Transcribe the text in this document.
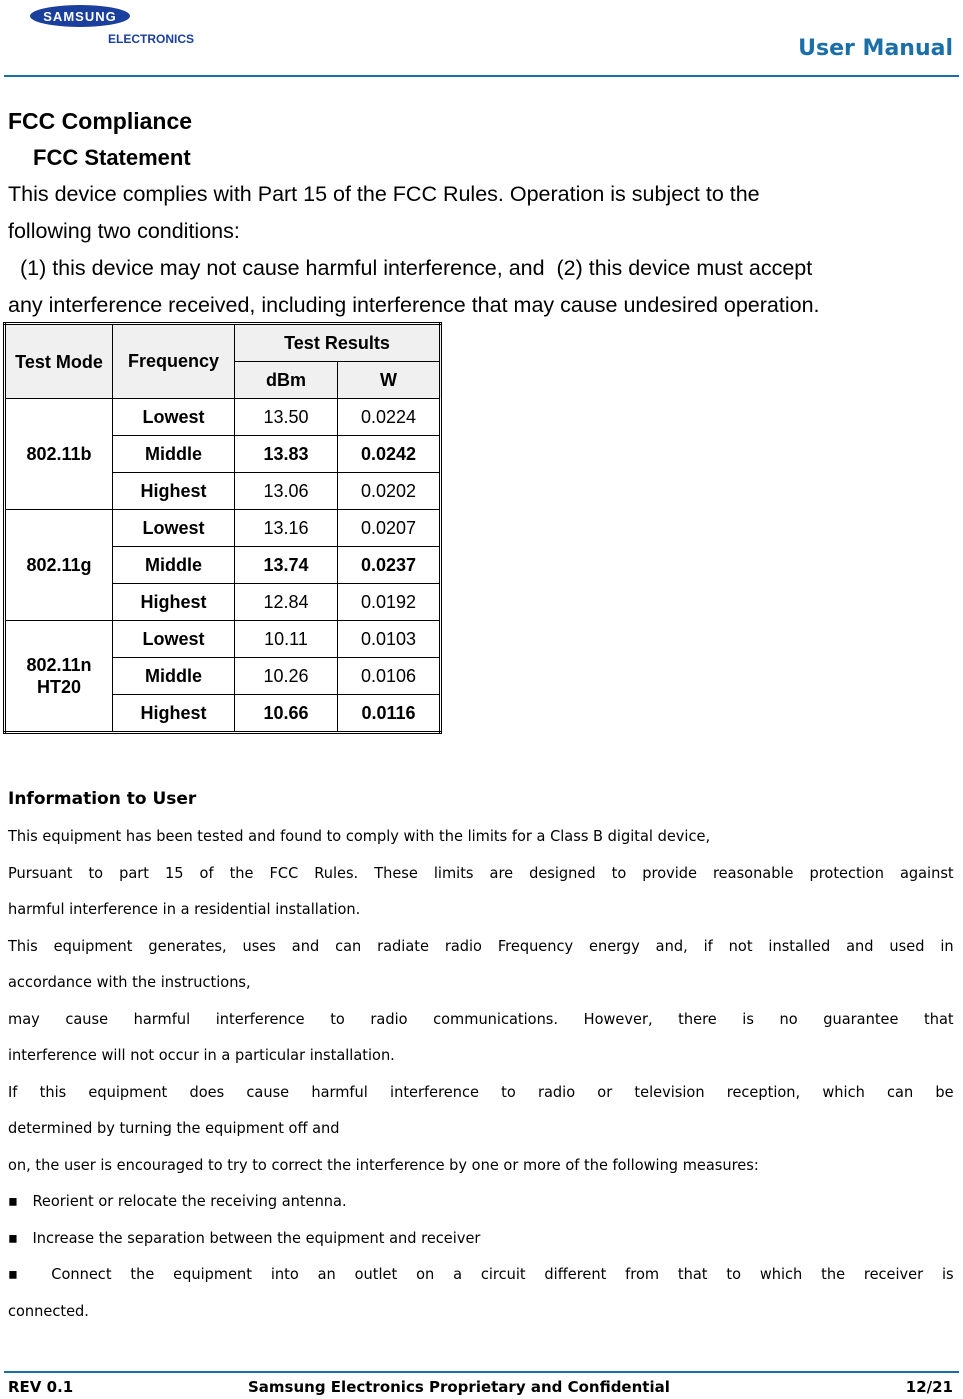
SAMSUNG
ELECTRONICS	User Manual
FCC Compliance
FCC Statement

This device complies with Part 15 of the FCC Rules. Operation is subject to the

following two conditions:

(1) this device may not cause harmful interference, and  (2) this device must accept

any interference received, including interference that may cause undesired operation.

Test Mode	Frequency	Test Results	
		dBm	W
802.11b	Lowest	13.50	0.0224
	Middle	13.83	0.0242
	Highest	13.06	0.0202
802.11g	Lowest	13.16	0.0207
	Middle	13.74	0.0237
	Highest	12.84	0.0192
802.11n HT20	Lowest	10.11	0.0103
	Middle	10.26	0.0106
	Highest	10.66	0.0116
Information to User

This equipment has been tested and found to comply with the limits for a Class B digital device,

Pursuant to part 15 of the FCC Rules. These limits are designed to provide reasonable protection against

harmful interference in a residential installation.

This equipment generates, uses and can radiate radio Frequency energy and, if not installed and used in

accordance with the instructions,

may cause harmful interference to radio communications. However, there is no guarantee that

interference will not occur in a particular installation.

If this equipment does cause harmful interference to radio or television reception, which can be

determined by turning the equipment off and

on, the user is encouraged to try to correct the interference by one or more of the following measures:

▪ Reorient or relocate the receiving antenna.

▪ Increase the separation between the equipment and receiver

▪ Connect the equipment into an outlet on a circuit different from that to which the receiver is

connected.

REV 0.1	Samsung Electronics Proprietary and Confidential	12/21
